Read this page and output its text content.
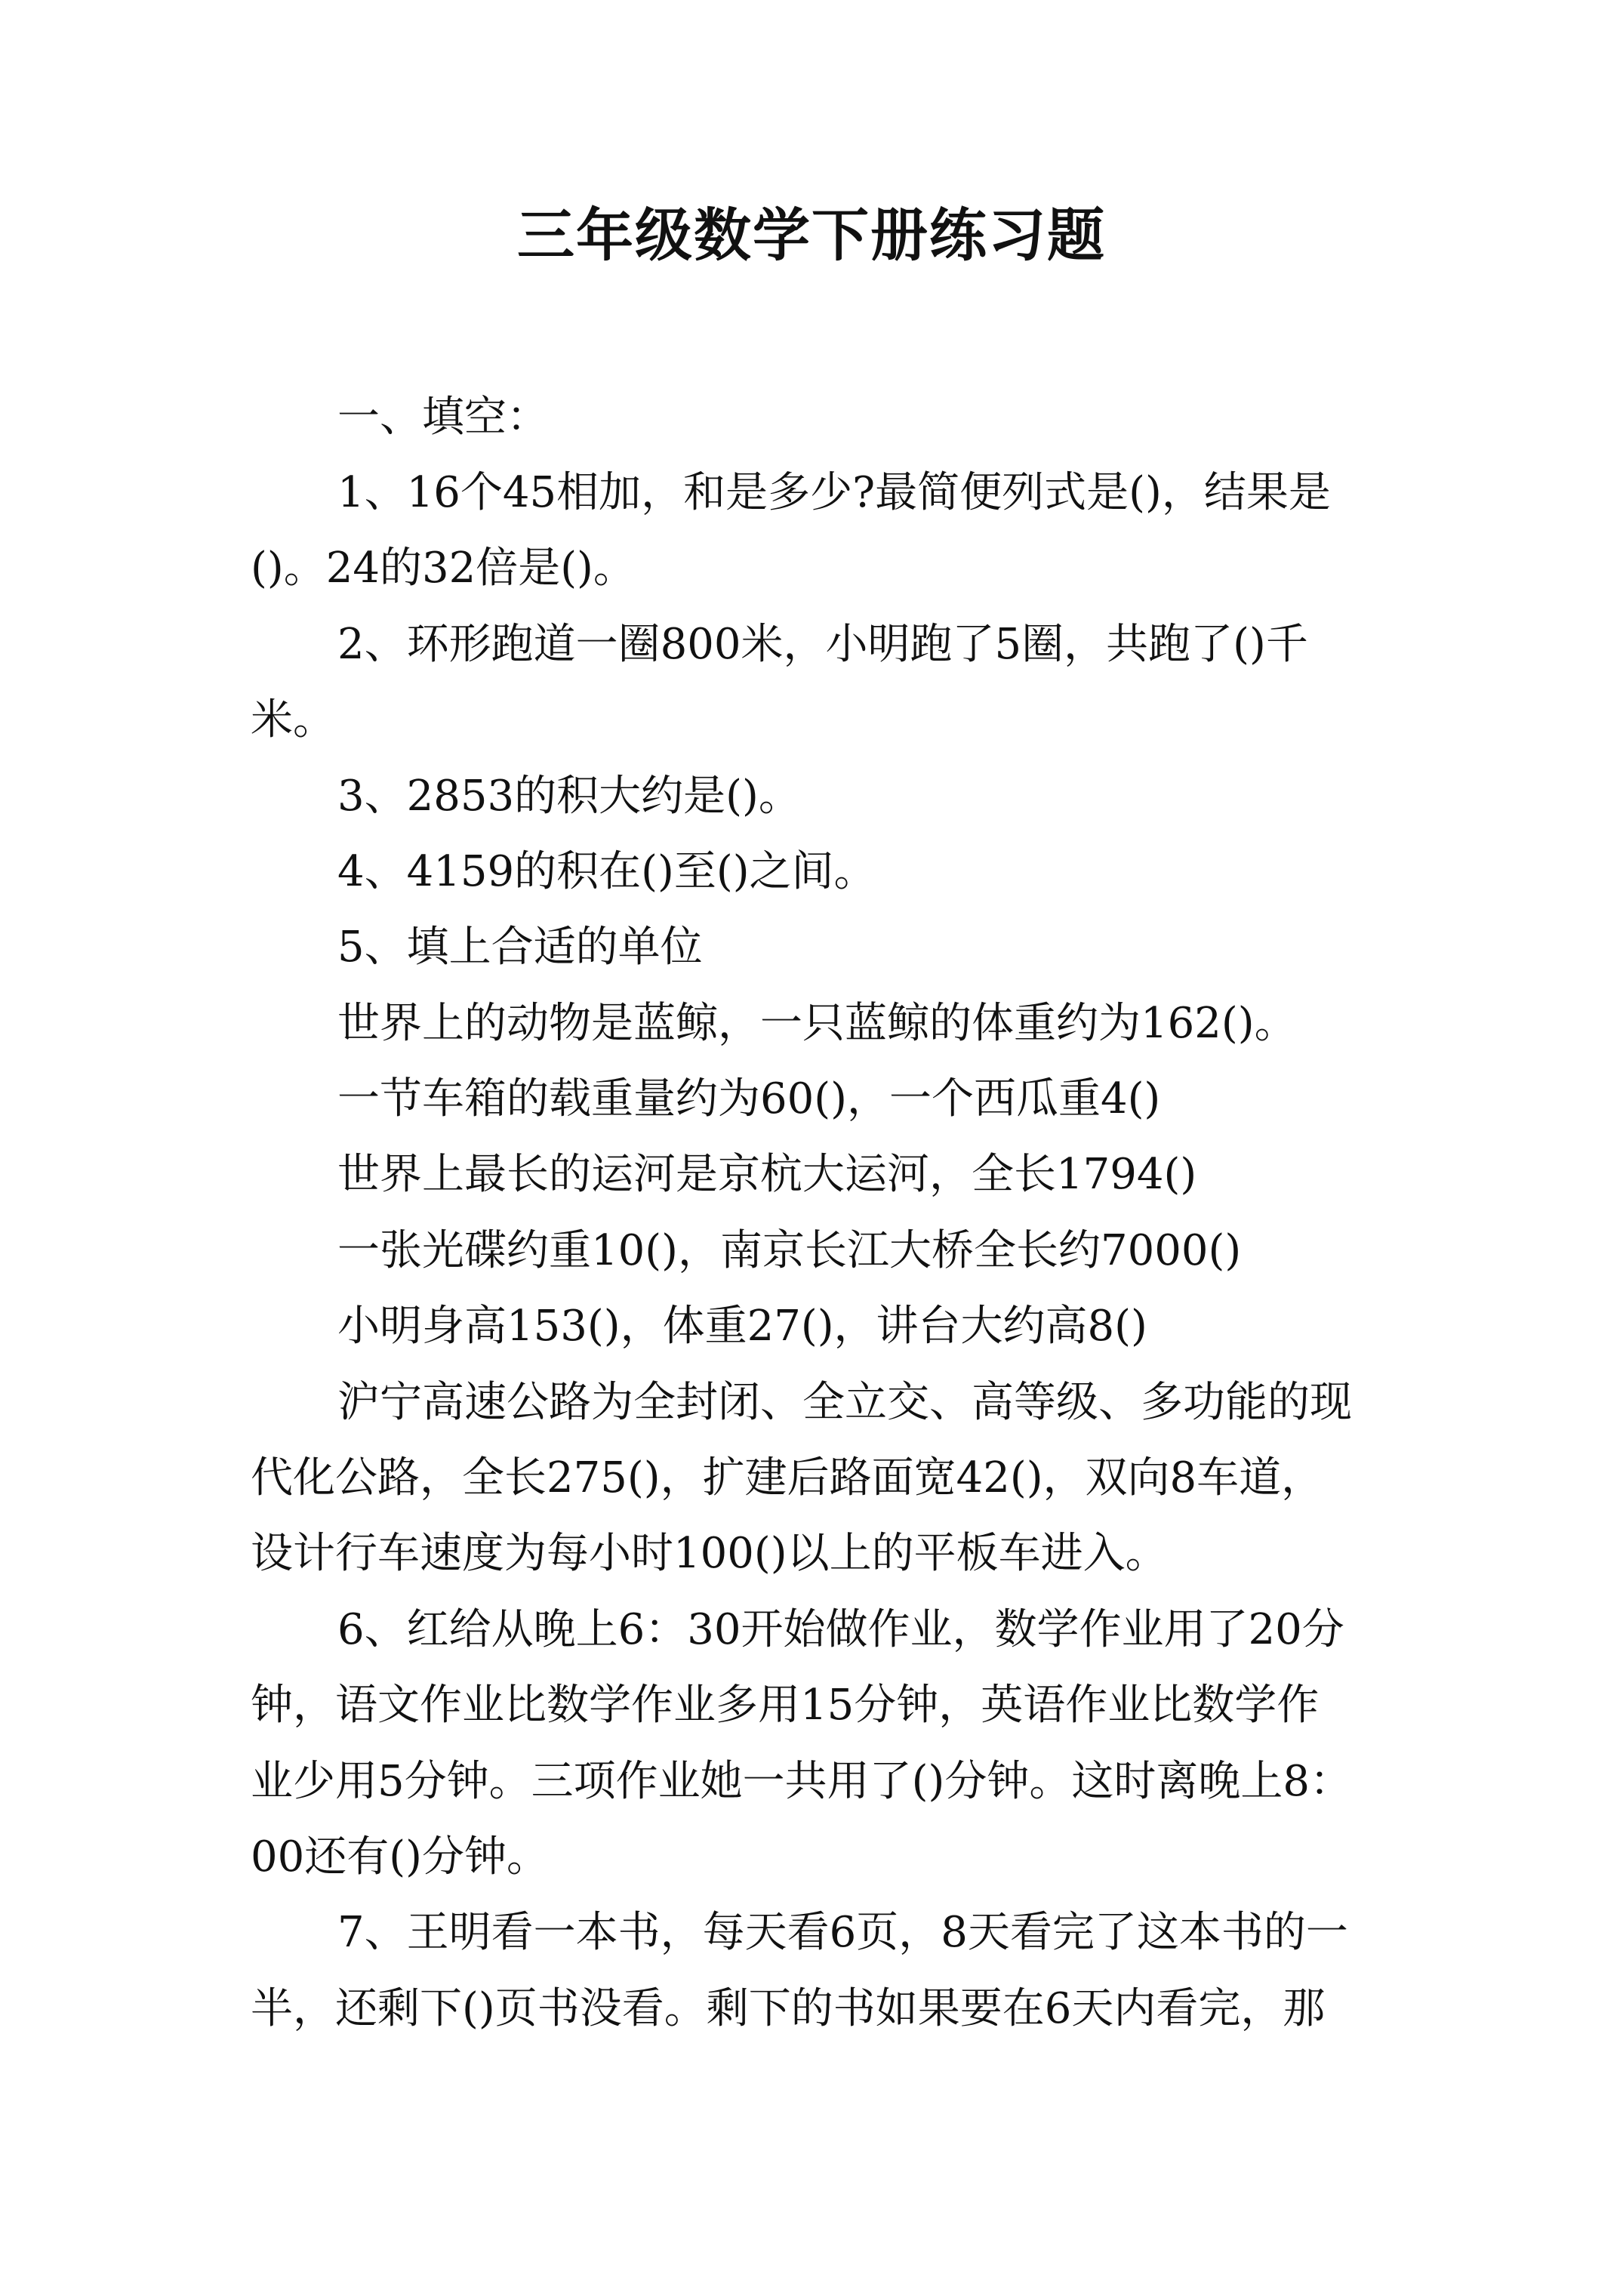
三年级数学下册练习题

一、填空：

1、16个45相加，和是多少?最简便列式是()，结果是

()。24的32倍是()。

2、环形跑道一圈800米，小明跑了5圈，共跑了()千

米。

3、2853的积大约是()。

4、4159的积在()至()之间。

5、填上合适的单位

世界上的动物是蓝鲸，一只蓝鲸的体重约为162()。

一节车箱的载重量约为60()，一个西瓜重4()

世界上最长的运河是京杭大运河，全长1794()

一张光碟约重10()，南京长江大桥全长约7000()

小明身高153()，体重27()，讲台大约高8()

沪宁高速公路为全封闭、全立交、高等级、多功能的现

代化公路，全长275()，扩建后路面宽42()，双向8车道，

设计行车速度为每小时100()以上的平板车进入。

6、红给从晚上6：30开始做作业，数学作业用了20分

钟，语文作业比数学作业多用15分钟，英语作业比数学作

业少用5分钟。三项作业她一共用了()分钟。这时离晚上8：

00还有()分钟。

7、王明看一本书，每天看6页，8天看完了这本书的一

半，还剩下()页书没看。剩下的书如果要在6天内看完，那
